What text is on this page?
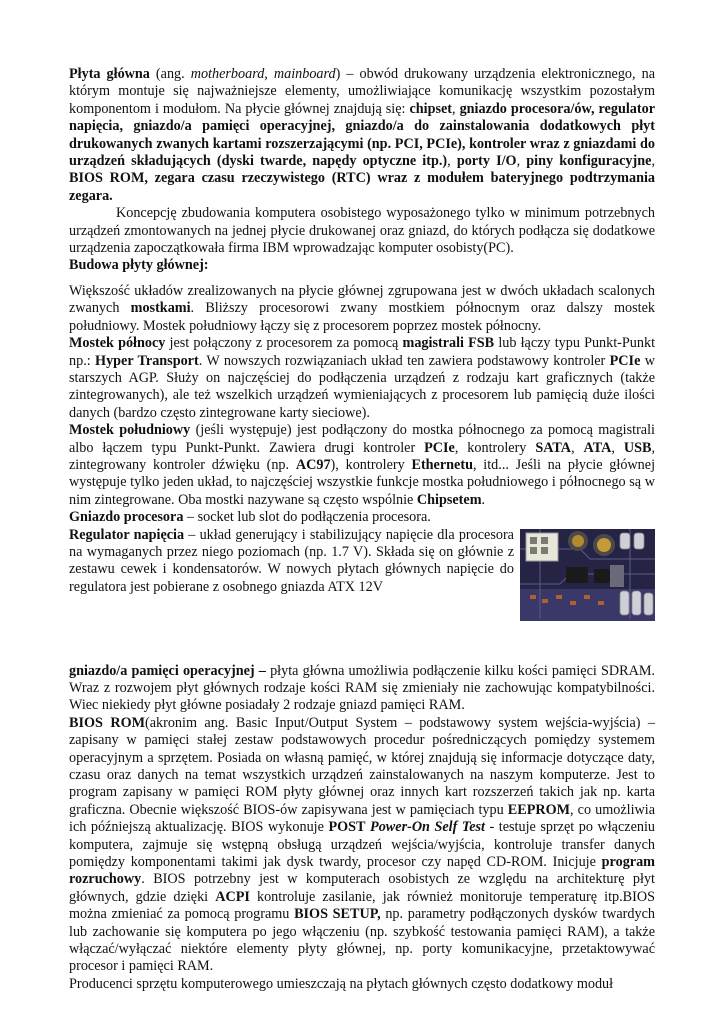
Płyta główna (ang. motherboard, mainboard) – obwód drukowany urządzenia elektronicznego, na którym montuje się najważniejsze elementy, umożliwiające komunikację wszystkim pozostałym komponentom i modułom. Na płycie głównej znajdują się: chipset, gniazdo procesora/ów, regulator napięcia, gniazdo/a pamięci operacyjnej, gniazdo/a do zainstalowania dodatkowych płyt drukowanych zwanych kartami rozszerzającymi (np. PCI, PCIe), kontroler wraz z gniazdami do urządzeń składujących (dyski twarde, napędy optyczne itp.), porty I/O, piny konfiguracyjne, BIOS ROM, zegara czasu rzeczywistego (RTC) wraz z modułem bateryjnego podtrzymania zegara.

Koncepcję zbudowania komputera osobistego wyposażonego tylko w minimum potrzebnych urządzeń zmontowanych na jednej płycie drukowanej oraz gniazd, do których podłącza się dodatkowe urządzenia zapoczątkowała firma IBM wprowadzając komputer osobisty(PC).

Budowa płyty głównej:

Większość układów zrealizowanych na płycie głównej zgrupowana jest w dwóch układach scalonych zwanych mostkami. Bliższy procesorowi zwany mostkiem północnym oraz dalszy mostek południowy. Mostek południowy łączy się z procesorem poprzez mostek północny.

Mostek północy jest połączony z procesorem za pomocą magistrali FSB lub łączy typu Punkt-Punkt np.: Hyper Transport. W nowszych rozwiązaniach układ ten zawiera podstawowy kontroler PCIe w starszych AGP. Służy on najczęściej do podłączenia urządzeń z rodzaju kart graficznych (także zintegrowanych), ale też wszelkich urządzeń wymieniających z procesorem lub pamięcią duże ilości danych (bardzo często zintegrowane karty sieciowe).

Mostek południowy (jeśli występuje) jest podłączony do mostka północnego za pomocą magistrali albo łączem typu Punkt-Punkt. Zawiera drugi kontroler PCIe, kontrolery SATA, ATA, USB, zintegrowany kontroler dźwięku (np. AC97), kontrolery Ethernetu, itd... Jeśli na płycie głównej występuje tylko jeden układ, to najczęściej wszystkie funkcje mostka południowego i północnego są w nim zintegrowane. Oba mostki nazywane są często wspólnie Chipsetem.

Gniazdo procesora – socket lub slot do podłączenia procesora.

Regulator napięcia – układ generujący i stabilizujący napięcie dla procesora na wymaganych przez niego poziomach (np. 1.7 V). Składa się on głównie z zestawu cewek i kondensatorów. W nowych płytach głównych napięcie do regulatora jest pobierane z osobnego gniazda ATX 12V

gniazdo/a pamięci operacyjnej – płyta główna umożliwia podłączenie kilku kości pamięci SDRAM. Wraz z rozwojem płyt głównych rodzaje kości RAM się zmieniały nie zachowując kompatybilności. Wiec niekiedy płyt główne posiadały 2 rodzaje gniazd pamięci RAM.

BIOS ROM(akronim ang. Basic Input/Output System – podstawowy system wejścia-wyjścia) – zapisany w pamięci stałej zestaw podstawowych procedur pośredniczących pomiędzy systemem operacyjnym a sprzętem. Posiada on własną pamięć, w której znajdują się informacje dotyczące daty, czasu oraz danych na temat wszystkich urządzeń zainstalowanych na naszym komputerze. Jest to program zapisany w pamięci ROM płyty głównej oraz innych kart rozszerzeń takich jak np. karta graficzna. Obecnie większość BIOS-ów zapisywana jest w pamięciach typu EEPROM, co umożliwia ich późniejszą aktualizację. BIOS wykonuje POST Power-On Self Test - testuje sprzęt po włączeniu komputera, zajmuje się wstępną obsługą urządzeń wejścia/wyjścia, kontroluje transfer danych pomiędzy komponentami takimi jak dysk twardy, procesor czy napęd CD-ROM. Inicjuje program rozruchowy. BIOS potrzebny jest w komputerach osobistych ze względu na architekturę płyt głównych, gdzie dzięki ACPI kontroluje zasilanie, jak również monitoruje temperaturę itp.BIOS można zmieniać za pomocą programu BIOS SETUP, np. parametry podłączonych dysków twardych lub zachowanie się komputera po jego włączeniu (np. szybkość testowania pamięci RAM), a także włączać/wyłączać niektóre elementy płyty głównej, np. porty komunikacyjne, przetaktowywać procesor i pamięci RAM.

Producenci sprzętu komputerowego umieszczają na płytach głównych często dodatkowy moduł
